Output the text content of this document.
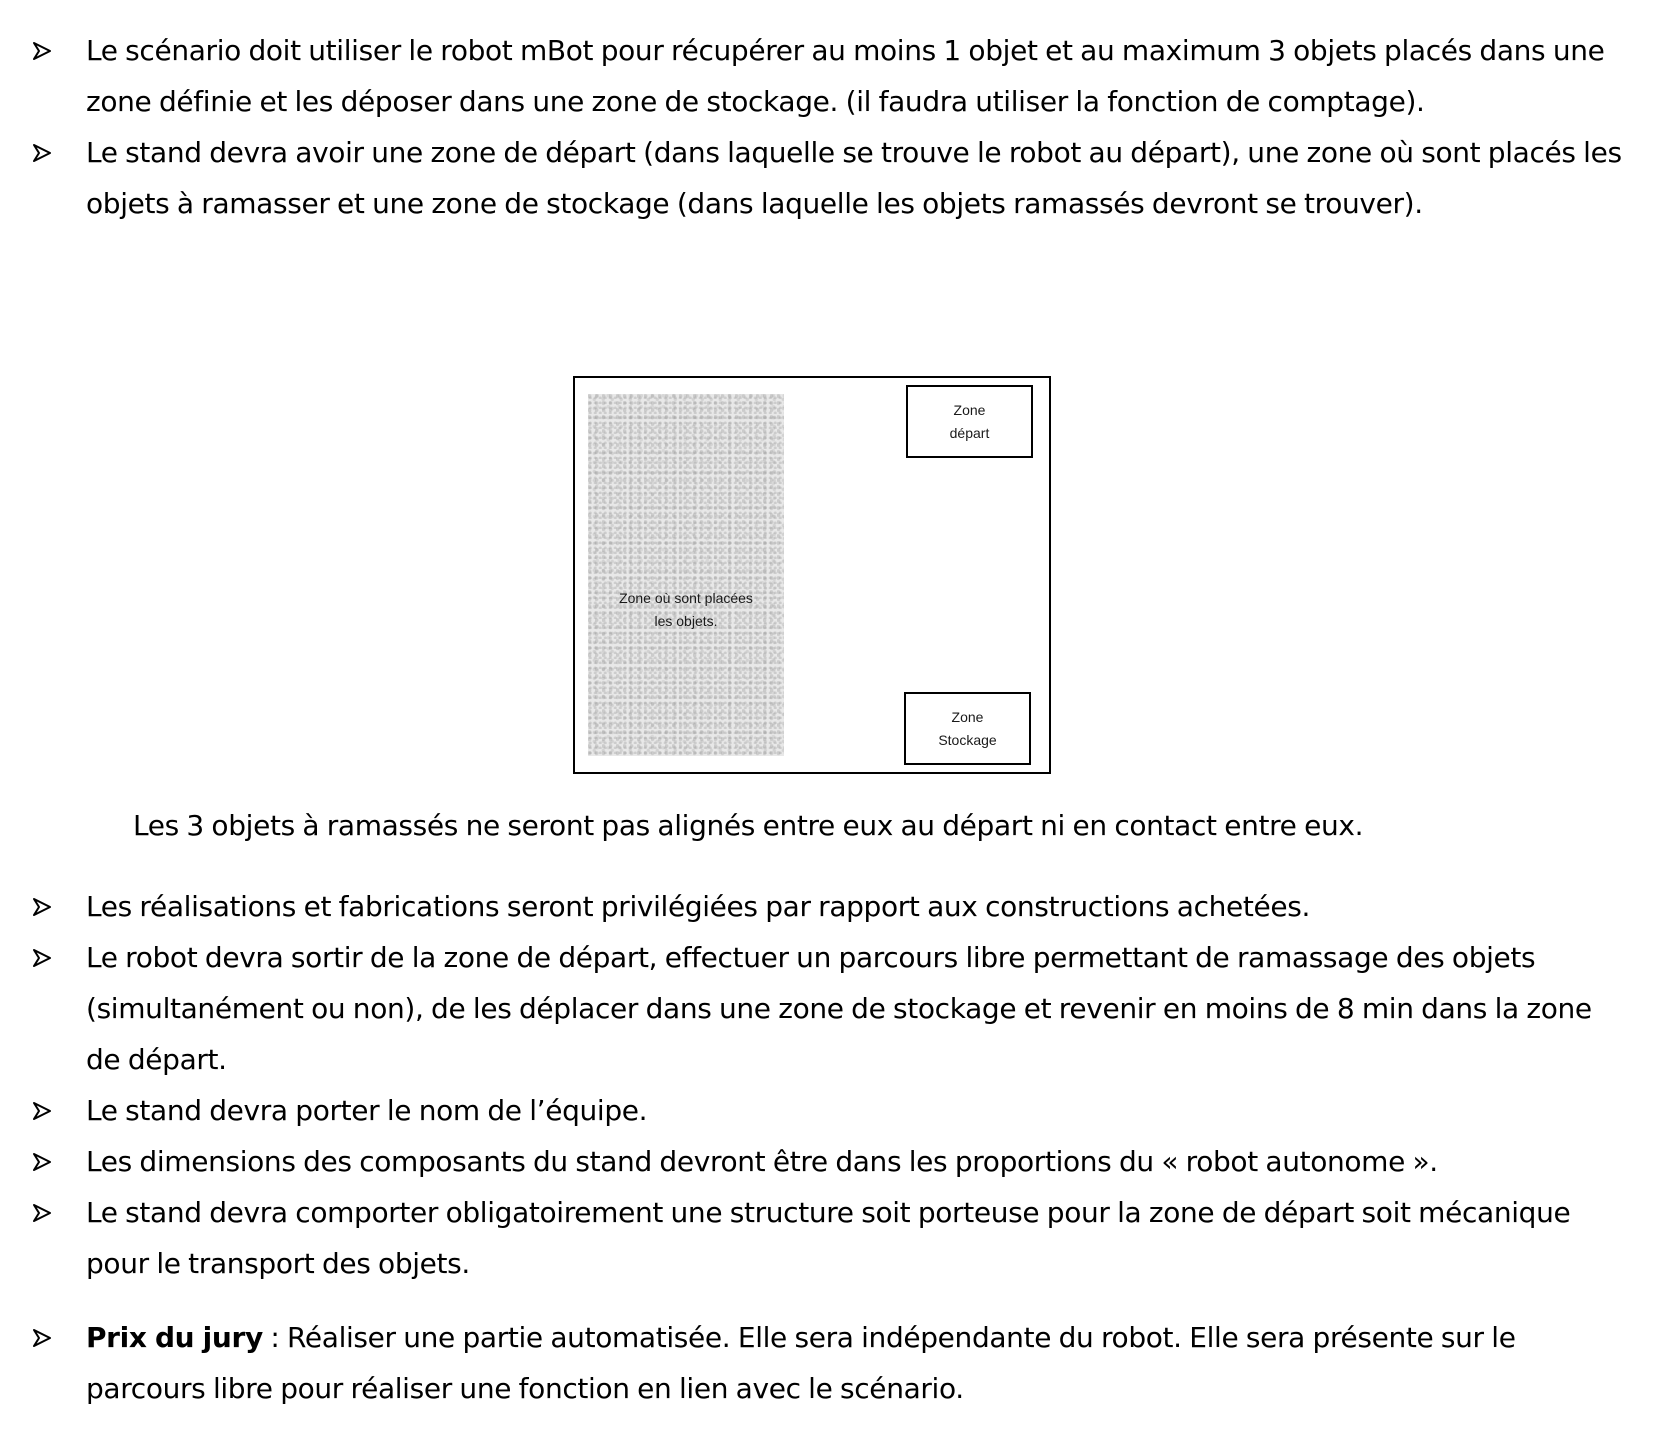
Le scénario doit utiliser le robot mBot pour récupérer au moins 1 objet et au maximum 3 objets placés dans une zone définie et les déposer dans une zone de stockage. (il faudra utiliser la fonction de comptage).
Le stand devra avoir une zone de départ (dans laquelle se trouve le robot au départ), une zone où sont placés les objets à ramasser et une zone de stockage (dans laquelle les objets ramassés devront se trouver).
Zone où sont placées
les objets.
Zone
départ
Zone
Stockage
Les 3 objets à ramassés ne seront pas alignés entre eux au départ ni en contact entre eux.
Les réalisations et fabrications seront privilégiées par rapport aux constructions achetées.
Le robot devra sortir de la zone de départ, effectuer un parcours libre permettant de ramassage des objets (simultanément ou non), de les déplacer dans une zone de stockage et revenir en moins de 8 min dans la zone de départ.
Le stand devra porter le nom de l’équipe.
Les dimensions des composants du stand devront être dans les proportions du « robot autonome ».
Le stand devra comporter obligatoirement une structure soit porteuse pour la zone de départ soit mécanique pour le transport des objets.
Prix du jury : Réaliser une partie automatisée. Elle sera indépendante du robot. Elle sera présente sur le parcours libre pour réaliser une fonction en lien avec le scénario.
